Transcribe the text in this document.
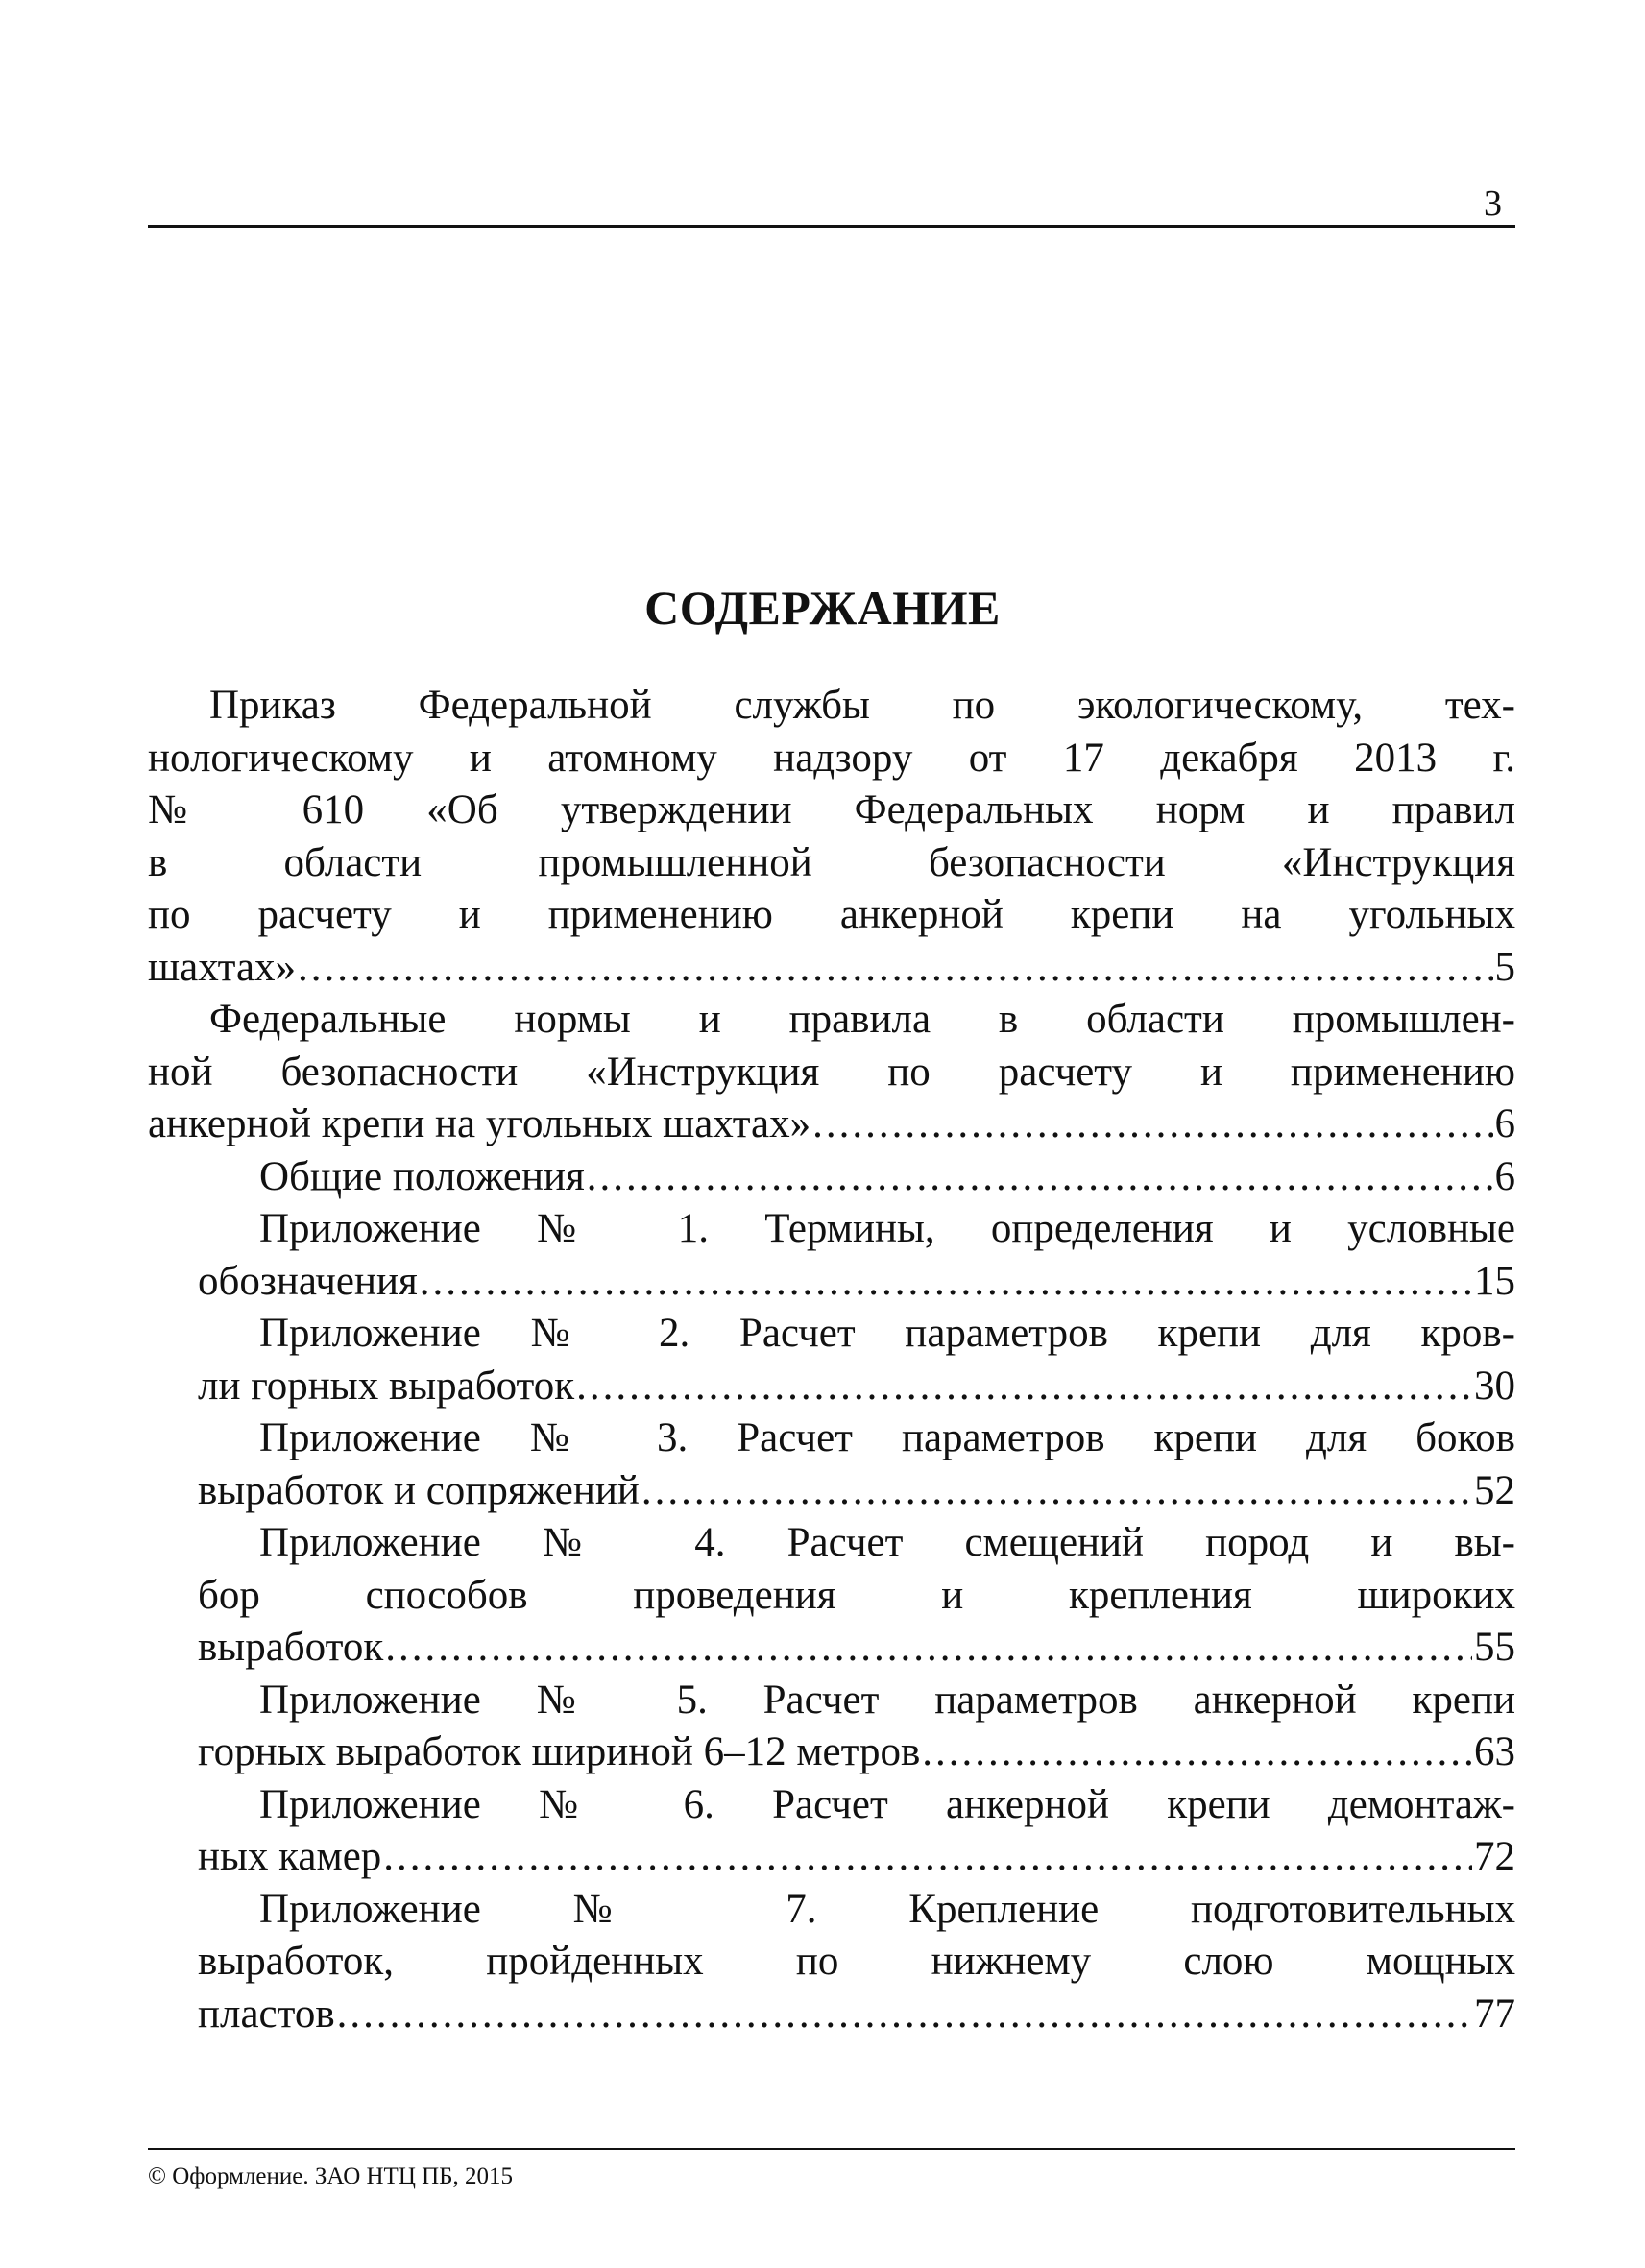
3
СОДЕРЖАНИЕ
Приказ Федеральной службы по экологическому, тех-
нологическому и атомному надзору от 17 декабря 2013 г.
№ 610 «Об утверждении Федеральных норм и правил
в области промышленной безопасности «Инструкция
по расчету и применению анкерной крепи на угольных
шахтах» .....	5
Федеральные нормы и правила в области промышлен-
ной безопасности «Инструкция по расчету и применению
анкерной крепи на угольных шахтах» .....	6
Общие положения .....	6
Приложение № 1. Термины, определения и условные
обозначения .....	15
Приложение № 2. Расчет параметров крепи для кров-
ли горных выработок .....	30
Приложение № 3. Расчет параметров крепи для боков
выработок и сопряжений .....	52
Приложение № 4. Расчет смещений пород и вы-
бор способов проведения и крепления широких
выработок .....	55
Приложение № 5. Расчет параметров анкерной крепи
горных выработок шириной 6–12 метров .....	63
Приложение № 6. Расчет анкерной крепи демонтаж-
ных камер .....	72
Приложение № 7. Крепление подготовительных
выработок, пройденных по нижнему слою мощных
пластов .....	77
© Оформление. ЗАО НТЦ ПБ, 2015
